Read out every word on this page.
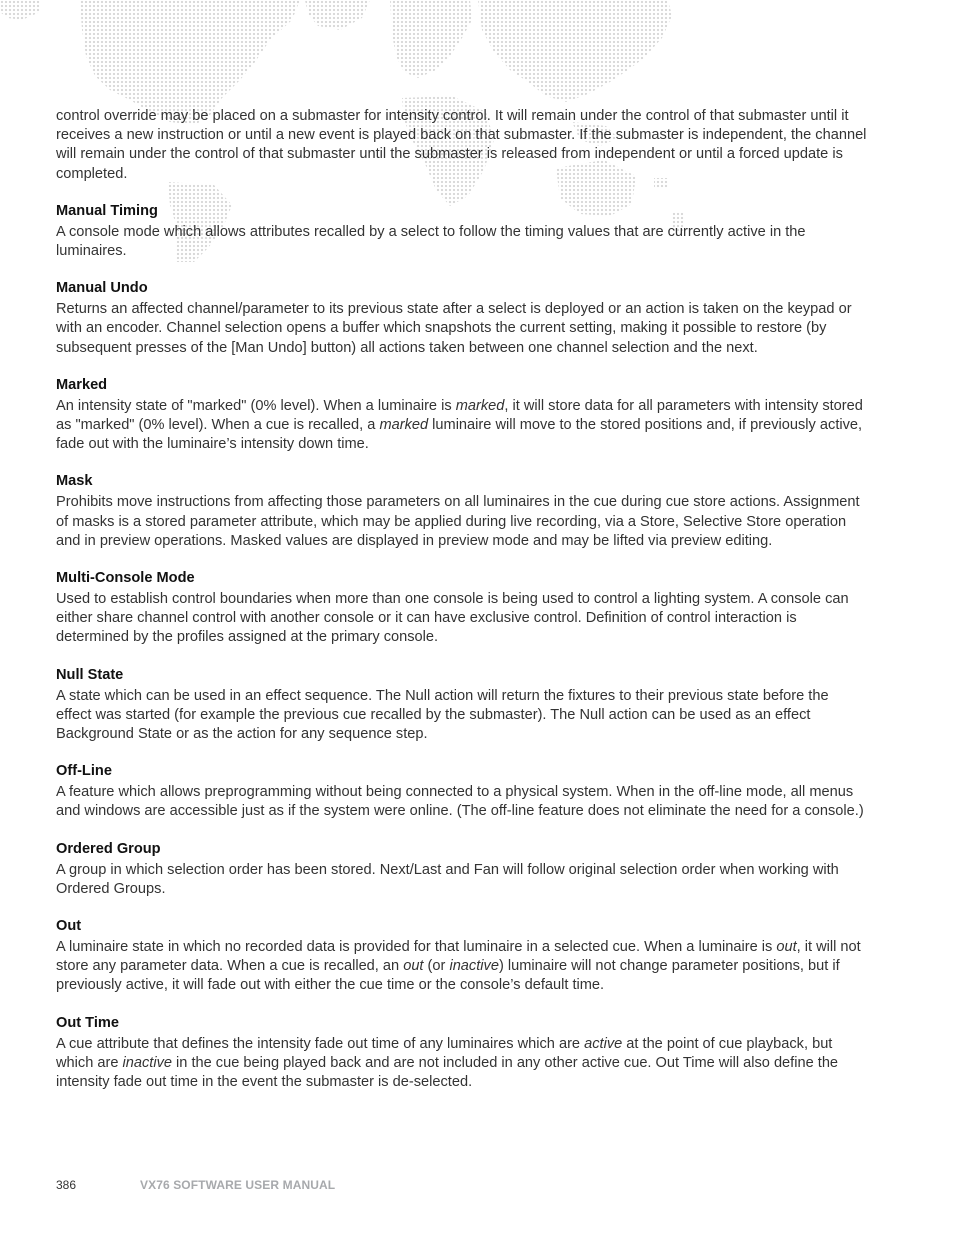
control override may be placed on a submaster for intensity control. It will remain under the control of that submaster until it receives a new instruction or until a new event is played back on that submaster. If the submaster is independent, the channel will remain under the control of that submaster until the submaster is released from independent or until a forced update is completed.

Manual Timing

A console mode which allows attributes recalled by a select to follow the timing values that are currently active in the luminaires.

Manual Undo

Returns an affected channel/parameter to its previous state after a select is deployed or an action is taken on the keypad or with an encoder. Channel selection opens a buffer which snapshots the current setting, making it possible to restore (by subsequent presses of the [Man Undo] button) all actions taken between one channel selection and the next.

Marked

An intensity state of "marked" (0% level). When a luminaire is marked, it will store data for all parameters with intensity stored as "marked" (0% level). When a cue is recalled, a marked luminaire will move to the stored positions and, if previously active, fade out with the luminaire’s intensity down time.

Mask

Prohibits move instructions from affecting those parameters on all luminaires in the cue during cue store actions. Assignment of masks is a stored parameter attribute, which may be applied during live recording, via a Store, Selective Store operation and in preview operations. Masked values are displayed in preview mode and may be lifted via preview editing.

Multi-Console Mode

Used to establish control boundaries when more than one console is being used to control a lighting system. A console can either share channel control with another console or it can have exclusive control. Definition of control interaction is determined by the profiles assigned at the primary console.

Null State

A state which can be used in an effect sequence. The Null action will return the fixtures to their previous state before the effect was started (for example the previous cue recalled by the submaster). The Null action can be used as an effect Background State or as the action for any sequence step.

Off-Line

A feature which allows preprogramming without being connected to a physical system. When in the off-line mode, all menus and windows are accessible just as if the system were online. (The off-line feature does not eliminate the need for a console.)

Ordered Group

A group in which selection order has been stored. Next/Last and Fan will follow original selection order when working with Ordered Groups.

Out

A luminaire state in which no recorded data is provided for that luminaire in a selected cue. When a luminaire is out, it will not store any parameter data. When a cue is recalled, an out (or inactive) luminaire will not change parameter positions, but if previously active, it will fade out with either the cue time or the console’s default time.

Out Time

A cue attribute that defines the intensity fade out time of any luminaires which are active at the point of cue playback, but which are inactive in the cue being played back and are not included in any other active cue. Out Time will also define the intensity fade out time in the event the submaster is de-selected.

386	VX76 SOFTWARE USER MANUAL
